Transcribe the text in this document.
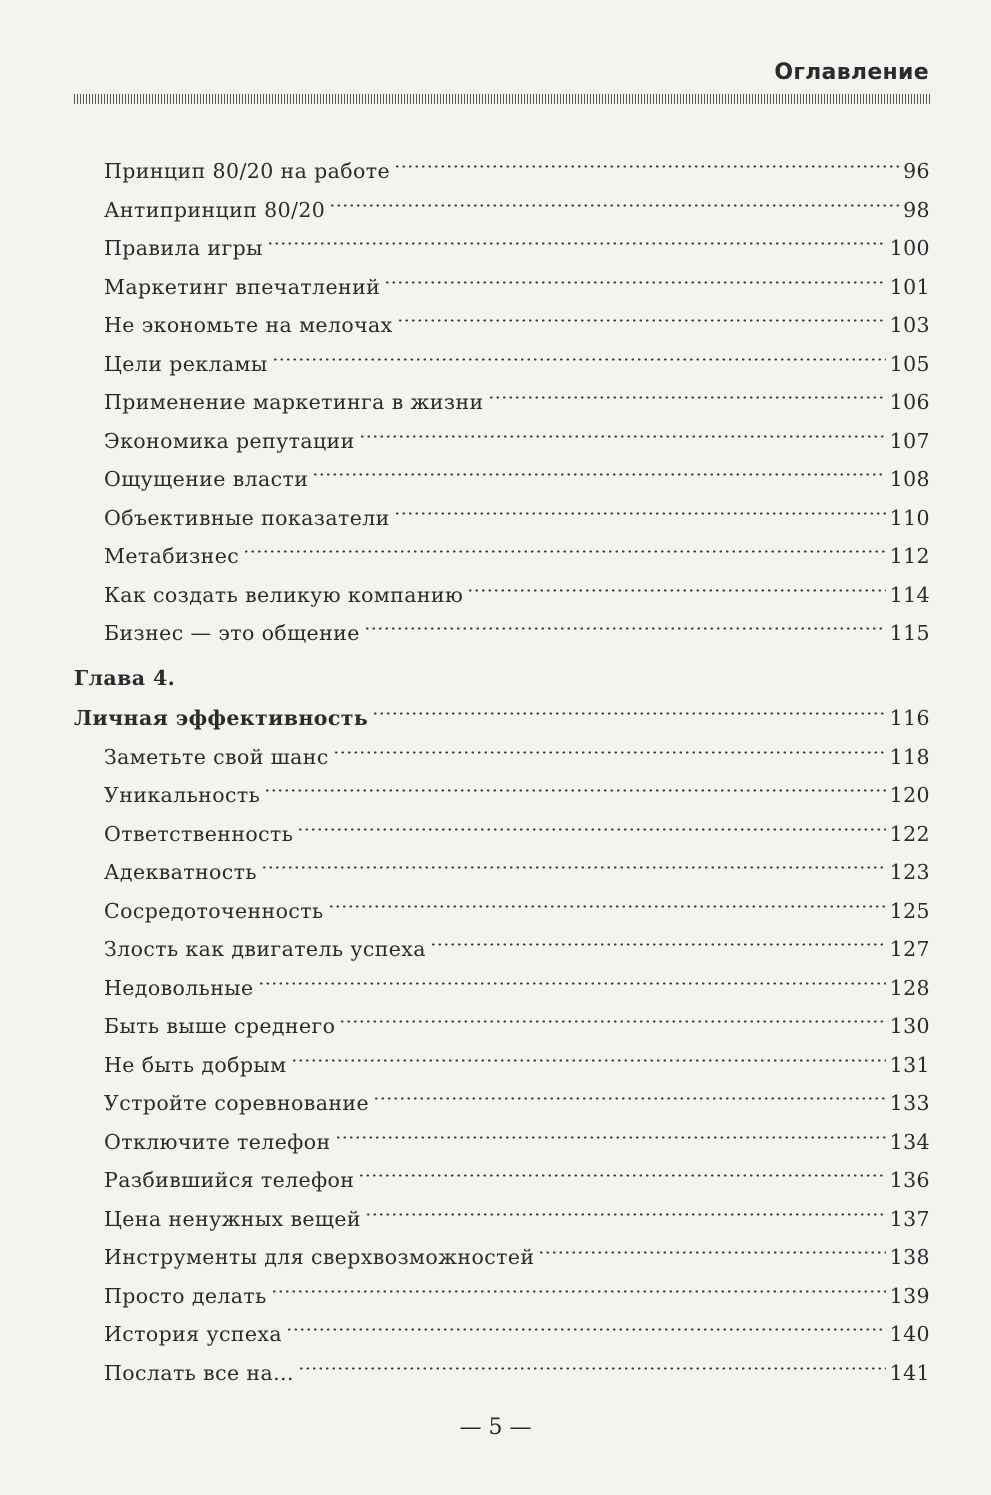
Оглавление
Принцип 80/20 на работе	96
Антипринцип 80/20	98
Правила игры	100
Маркетинг впечатлений	101
Не экономьте на мелочах	103
Цели рекламы	105
Применение маркетинга в жизни	106
Экономика репутации	107
Ощущение власти	108
Объективные показатели	110
Метабизнес	112
Как создать великую компанию	114
Бизнес — это общение	115
Глава 4.
Личная эффективность	116
Заметьте свой шанс	118
Уникальность	120
Ответственность	122
Адекватность	123
Сосредоточенность	125
Злость как двигатель успеха	127
Недовольные	128
Быть выше среднего	130
Не быть добрым	131
Устройте соревнование	133
Отключите телефон	134
Разбившийся телефон	136
Цена ненужных вещей	137
Инструменты для сверхвозможностей	138
Просто делать	139
История успеха	140
Послать все на...	141
— 5 —
